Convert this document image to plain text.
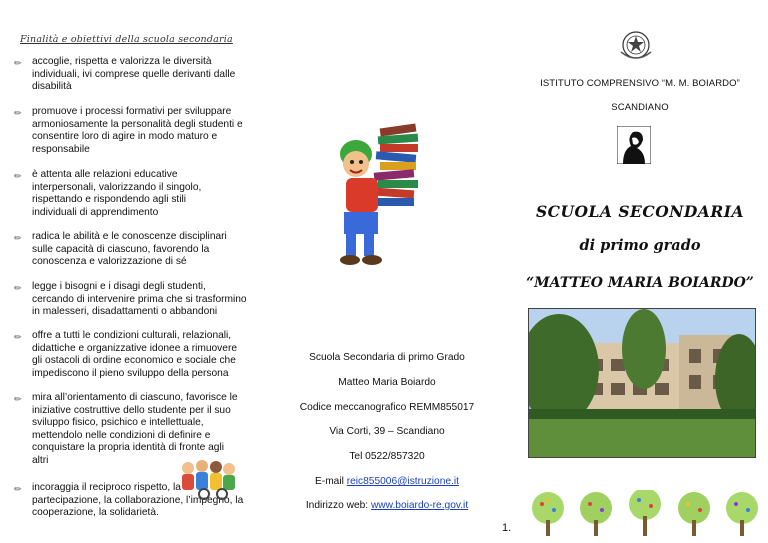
Finalità e obiettivi della scuola secondaria
✏	accoglie, rispetta e valorizza le diversità individuali, ivi comprese quelle derivanti dalle disabilità
✏	promuove i processi formativi per sviluppare armoniosamente la personalità degli studenti e consentire loro di agire in modo maturo e responsabile
✏	è attenta alle relazioni educative interpersonali, valorizzando il singolo, rispettando e rispondendo agli stili individuali di apprendimento
✏	radica le abilità e le conoscenze disciplinari sulle capacità di ciascuno, favorendo la conoscenza e valorizzazione di sé
✏	legge i bisogni e i disagi degli studenti, cercando di intervenire prima che si trasformino in malesseri, disadattamenti o abbandoni
✏	offre a tutti le condizioni culturali, relazionali, didattiche e organizzative idonee a rimuovere gli ostacoli di ordine economico e sociale che impediscono il pieno sviluppo della persona
✏	mira all’orientamento di ciascuno, favorisce le iniziative costruttive dello studente per il suo sviluppo fisico, psichico e intellettuale, mettendolo nelle condizioni di definire e conquistare la propria identità di fronte agli altri
✏	incoraggia il reciproco rispetto, la partecipazione, la collaborazione, l’impegno, la cooperazione, la solidarietà.
Scuola Secondaria di primo Grado
Matteo Maria Boiardo
Codice meccanografico REMM855017
Via Corti, 39 – Scandiano
Tel 0522/857320
E-mail reic855006@istruzione.it
Indirizzo web: www.boiardo-re.gov.it
ISTITUTO COMPRENSIVO “M. M. BOIARDO”
SCANDIANO
SCUOLA SECONDARIA
di primo grado
“MATTEO MARIA BOIARDO”
1.
